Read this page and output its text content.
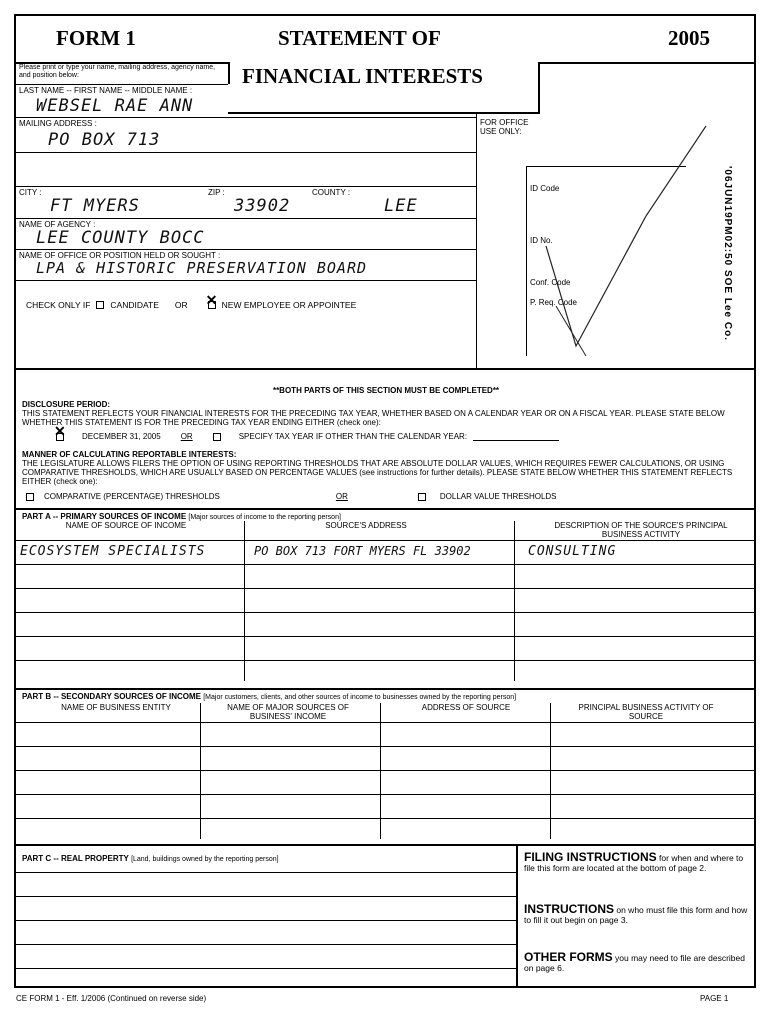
FORM 1	STATEMENT OF	2005
Please print or type your name, mailing address, agency name, and position below:	FINANCIAL INTERESTS
LAST NAME -- FIRST NAME -- MIDDLE NAME :
WEBSEL RAE ANN
MAILING ADDRESS :
PO BOX 713
CITY :
FT MYERS
ZIP :
33902
COUNTY :
LEE
NAME OF AGENCY :
LEE COUNTY BOCC
NAME OF OFFICE OR POSITION HELD OR SOUGHT :
LPA & HISTORIC PRESERVATION BOARD
CHECK ONLY IF CANDIDATE OR
✕	NEW EMPLOYEE OR APPOINTEE
FOR OFFICE USE ONLY:
ID Code
ID No.
Conf. Code
P. Req. Code	'06JUN19PM02:50 SOE Lee Co.
**BOTH PARTS OF THIS SECTION MUST BE COMPLETED**
DISCLOSURE PERIOD:
THIS STATEMENT REFLECTS YOUR FINANCIAL INTERESTS FOR THE PRECEDING TAX YEAR, WHETHER BASED ON A CALENDAR YEAR OR ON A FISCAL YEAR. PLEASE STATE BELOW WHETHER THIS STATEMENT IS FOR THE PRECEDING TAX YEAR ENDING EITHER (check one):
✕
DECEMBER 31, 2005	OR	SPECIFY TAX YEAR IF OTHER THAN THE CALENDAR YEAR:
MANNER OF CALCULATING REPORTABLE INTERESTS:
THE LEGISLATURE ALLOWS FILERS THE OPTION OF USING REPORTING THRESHOLDS THAT ARE ABSOLUTE DOLLAR VALUES, WHICH REQUIRES FEWER CALCULATIONS, OR USING COMPARATIVE THRESHOLDS, WHICH ARE USUALLY BASED ON PERCENTAGE VALUES (see instructions for further details). PLEASE STATE BELOW WHETHER THIS STATEMENT REFLECTS EITHER (check one):
COMPARATIVE (PERCENTAGE) THRESHOLDS	OR	DOLLAR VALUE THRESHOLDS
PART A -- PRIMARY SOURCES OF INCOME [Major sources of income to the reporting person]
NAME OF SOURCE OF INCOME	SOURCE'S ADDRESS	DESCRIPTION OF THE SOURCE'S PRINCIPAL BUSINESS ACTIVITY
ECOSYSTEM SPECIALISTS	PO BOX 713 FORT MYERS FL 33902	CONSULTING
PART B -- SECONDARY SOURCES OF INCOME [Major customers, clients, and other sources of income to businesses owned by the reporting person]
NAME OF BUSINESS ENTITY	NAME OF MAJOR SOURCES OF BUSINESS' INCOME
ADDRESS OF SOURCE	PRINCIPAL BUSINESS ACTIVITY OF SOURCE
PART C -- REAL PROPERTY [Land, buildings owned by the reporting person]	FILING INSTRUCTIONS for when and where to file this form are located at the bottom of page 2.
INSTRUCTIONS on who must file this form and how to fill it out begin on page 3.
OTHER FORMS you may need to file are described on page 6.
CE FORM 1 - Eff. 1/2006 (Continued on reverse side)	PAGE 1
